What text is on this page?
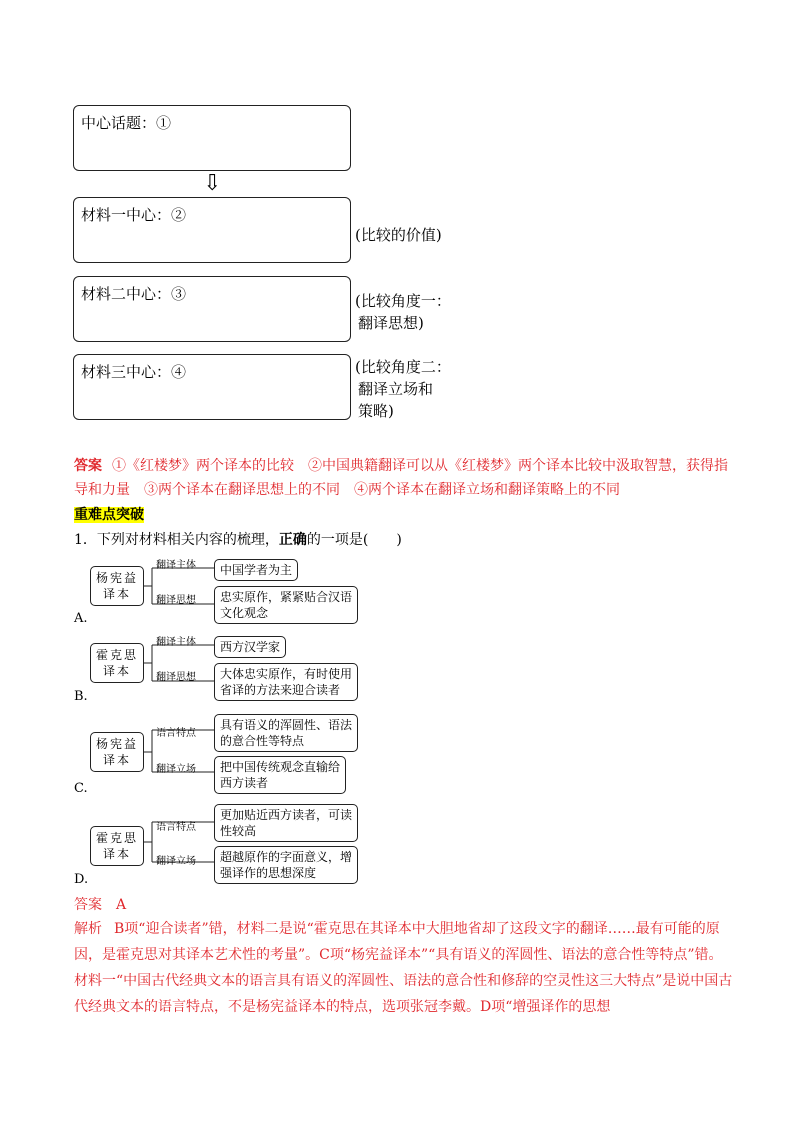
中心话题：①
⇩
材料一中心：②
(比较的价值)
材料二中心：③	(比较角度一：
翻译思想)
材料三中心：④	(比较角度二：
翻译立场和
策略)
答案 ①《红楼梦》两个译本的比较　②中国典籍翻译可以从《红楼梦》两个译本比较中汲取智慧，获得指导和力量　③两个译本在翻译思想上的不同　④两个译本在翻译立场和翻译策略上的不同
重难点突破
1．下列对材料相关内容的梳理，正确的一项是(　　)
杨宪益译本
翻译主体 中国学者为主
翻译思想 忠实原作，紧紧贴合汉语
文化观念
A.
霍克思译本
翻译主体 西方汉学家
翻译思想 大体忠实原作，有时使用
省译的方法来迎合读者
B.
杨宪益译本
语言特点
具有语义的浑圆性、语法
的意合性等特点
翻译立场 把中国传统观念直输给
西方读者
C.
霍克思译本
语言特点
更加贴近西方读者，可读
性较高
翻译立场 超越原作的字面意义，增
强译作的思想深度
D.
答案 A
解析 B项“迎合读者”错，材料二是说“霍克思在其译本中大胆地省却了这段文字的翻译……最有可能的原因，是霍克思对其译本艺术性的考量”。C项“杨宪益译本”“具有语义的浑圆性、语法的意合性等特点”错。材料一“中国古代经典文本的语言具有语义的浑圆性、语法的意合性和修辞的空灵性这三大特点”是说中国古代经典文本的语言特点，不是杨宪益译本的特点，选项张冠李戴。D项“增强译作的思想
